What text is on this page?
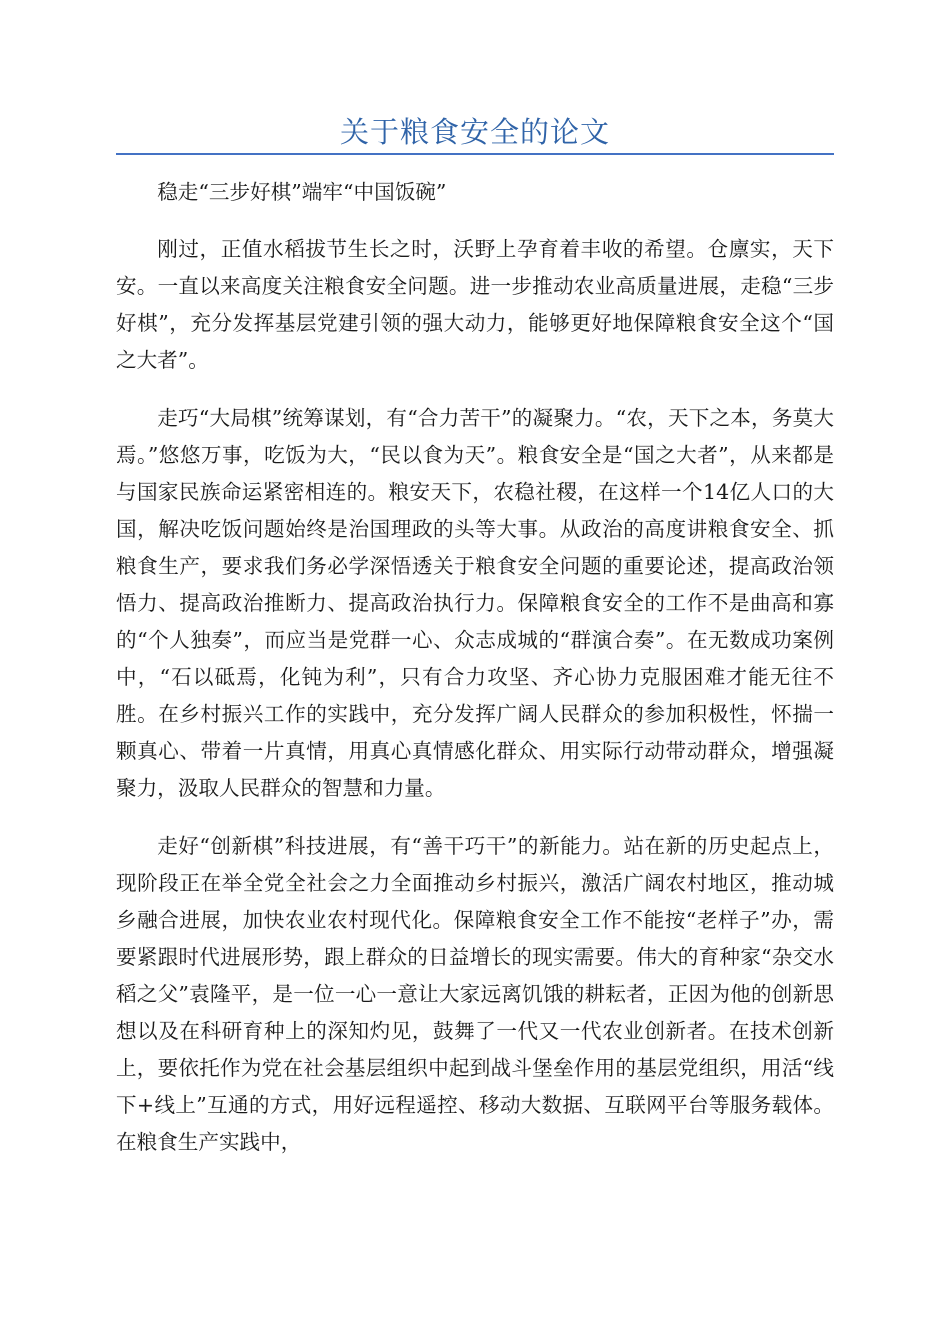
关于粮食安全的论文

稳走“三步好棋”端牢“中国饭碗”

刚过，正值水稻拔节生长之时，沃野上孕育着丰收的希望。仓廪实，天下安。一直以来高度关注粮食安全问题。进一步推动农业高质量进展，走稳“三步好棋”，充分发挥基层党建引领的强大动力，能够更好地保障粮食安全这个“国之大者”。

走巧“大局棋”统筹谋划，有“合力苦干”的凝聚力。“农，天下之本，务莫大焉。”悠悠万事，吃饭为大，“民以食为天”。粮食安全是“国之大者”，从来都是与国家民族命运紧密相连的。粮安天下，农稳社稷，在这样一个14亿人口的大国，解决吃饭问题始终是治国理政的头等大事。从政治的高度讲粮食安全、抓粮食生产，要求我们务必学深悟透关于粮食安全问题的重要论述，提高政治领悟力、提高政治推断力、提高政治执行力。保障粮食安全的工作不是曲高和寡的“个人独奏”，而应当是党群一心、众志成城的“群演合奏”。在无数成功案例中，“石以砥焉，化钝为利”，只有合力攻坚、齐心协力克服困难才能无往不胜。在乡村振兴工作的实践中，充分发挥广阔人民群众的参加积极性，怀揣一颗真心、带着一片真情，用真心真情感化群众、用实际行动带动群众，增强凝聚力，汲取人民群众的智慧和力量。

走好“创新棋”科技进展，有“善干巧干”的新能力。站在新的历史起点上，现阶段正在举全党全社会之力全面推动乡村振兴，激活广阔农村地区，推动城乡融合进展，加快农业农村现代化。保障粮食安全工作不能按“老样子”办，需要紧跟时代进展形势，跟上群众的日益增长的现实需要。伟大的育种家“杂交水稻之父”袁隆平，是一位一心一意让大家远离饥饿的耕耘者，正因为他的创新思想以及在科研育种上的深知灼见，鼓舞了一代又一代农业创新者。在技术创新上，要依托作为党在社会基层组织中起到战斗堡垒作用的基层党组织，用活“线下+线上”互通的方式，用好远程遥控、移动大数据、互联网平台等服务载体。在粮食生产实践中，
